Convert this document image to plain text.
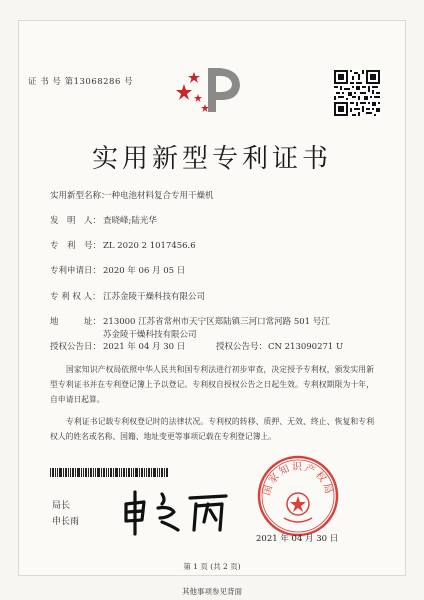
证 书 号 第13068286 号
实用新型专利证书
实用新型名称：
一种电池材料复合专用干燥机
发　明　人： 查晓峰;陆光华
专　利　号： ZL 2020 2 1017456.6
专利申请日： 2020 年 06 月 05 日
专 利 权 人： 江苏金陵干燥科技有限公司
地　　　址： 213000 江苏省常州市天宁区郑陆镇三河口常河路 501 号江苏金陵干燥科技有限公司
授权公告日： 2021 年 04 月 30 日	授权公告号： CN 213090271 U
国家知识产权局依照中华人民共和国专利法进行初步审查，决定授予专利权，颁发实用新型专利证书并在专利登记簿上予以登记。专利权自授权公告之日起生效。专利权期限为十年，自申请日起算。
专利证书记载专利权登记时的法律状况。专利权的转移、质押、无效、终止、恢复和专利权人的姓名或名称、国籍、地址变更等事项记载在专利登记簿上。
局长
申长雨
国家知识产权局
2021 年 04 月 30 日
第 1 页 (共 2 页)
其他事项参见背面
